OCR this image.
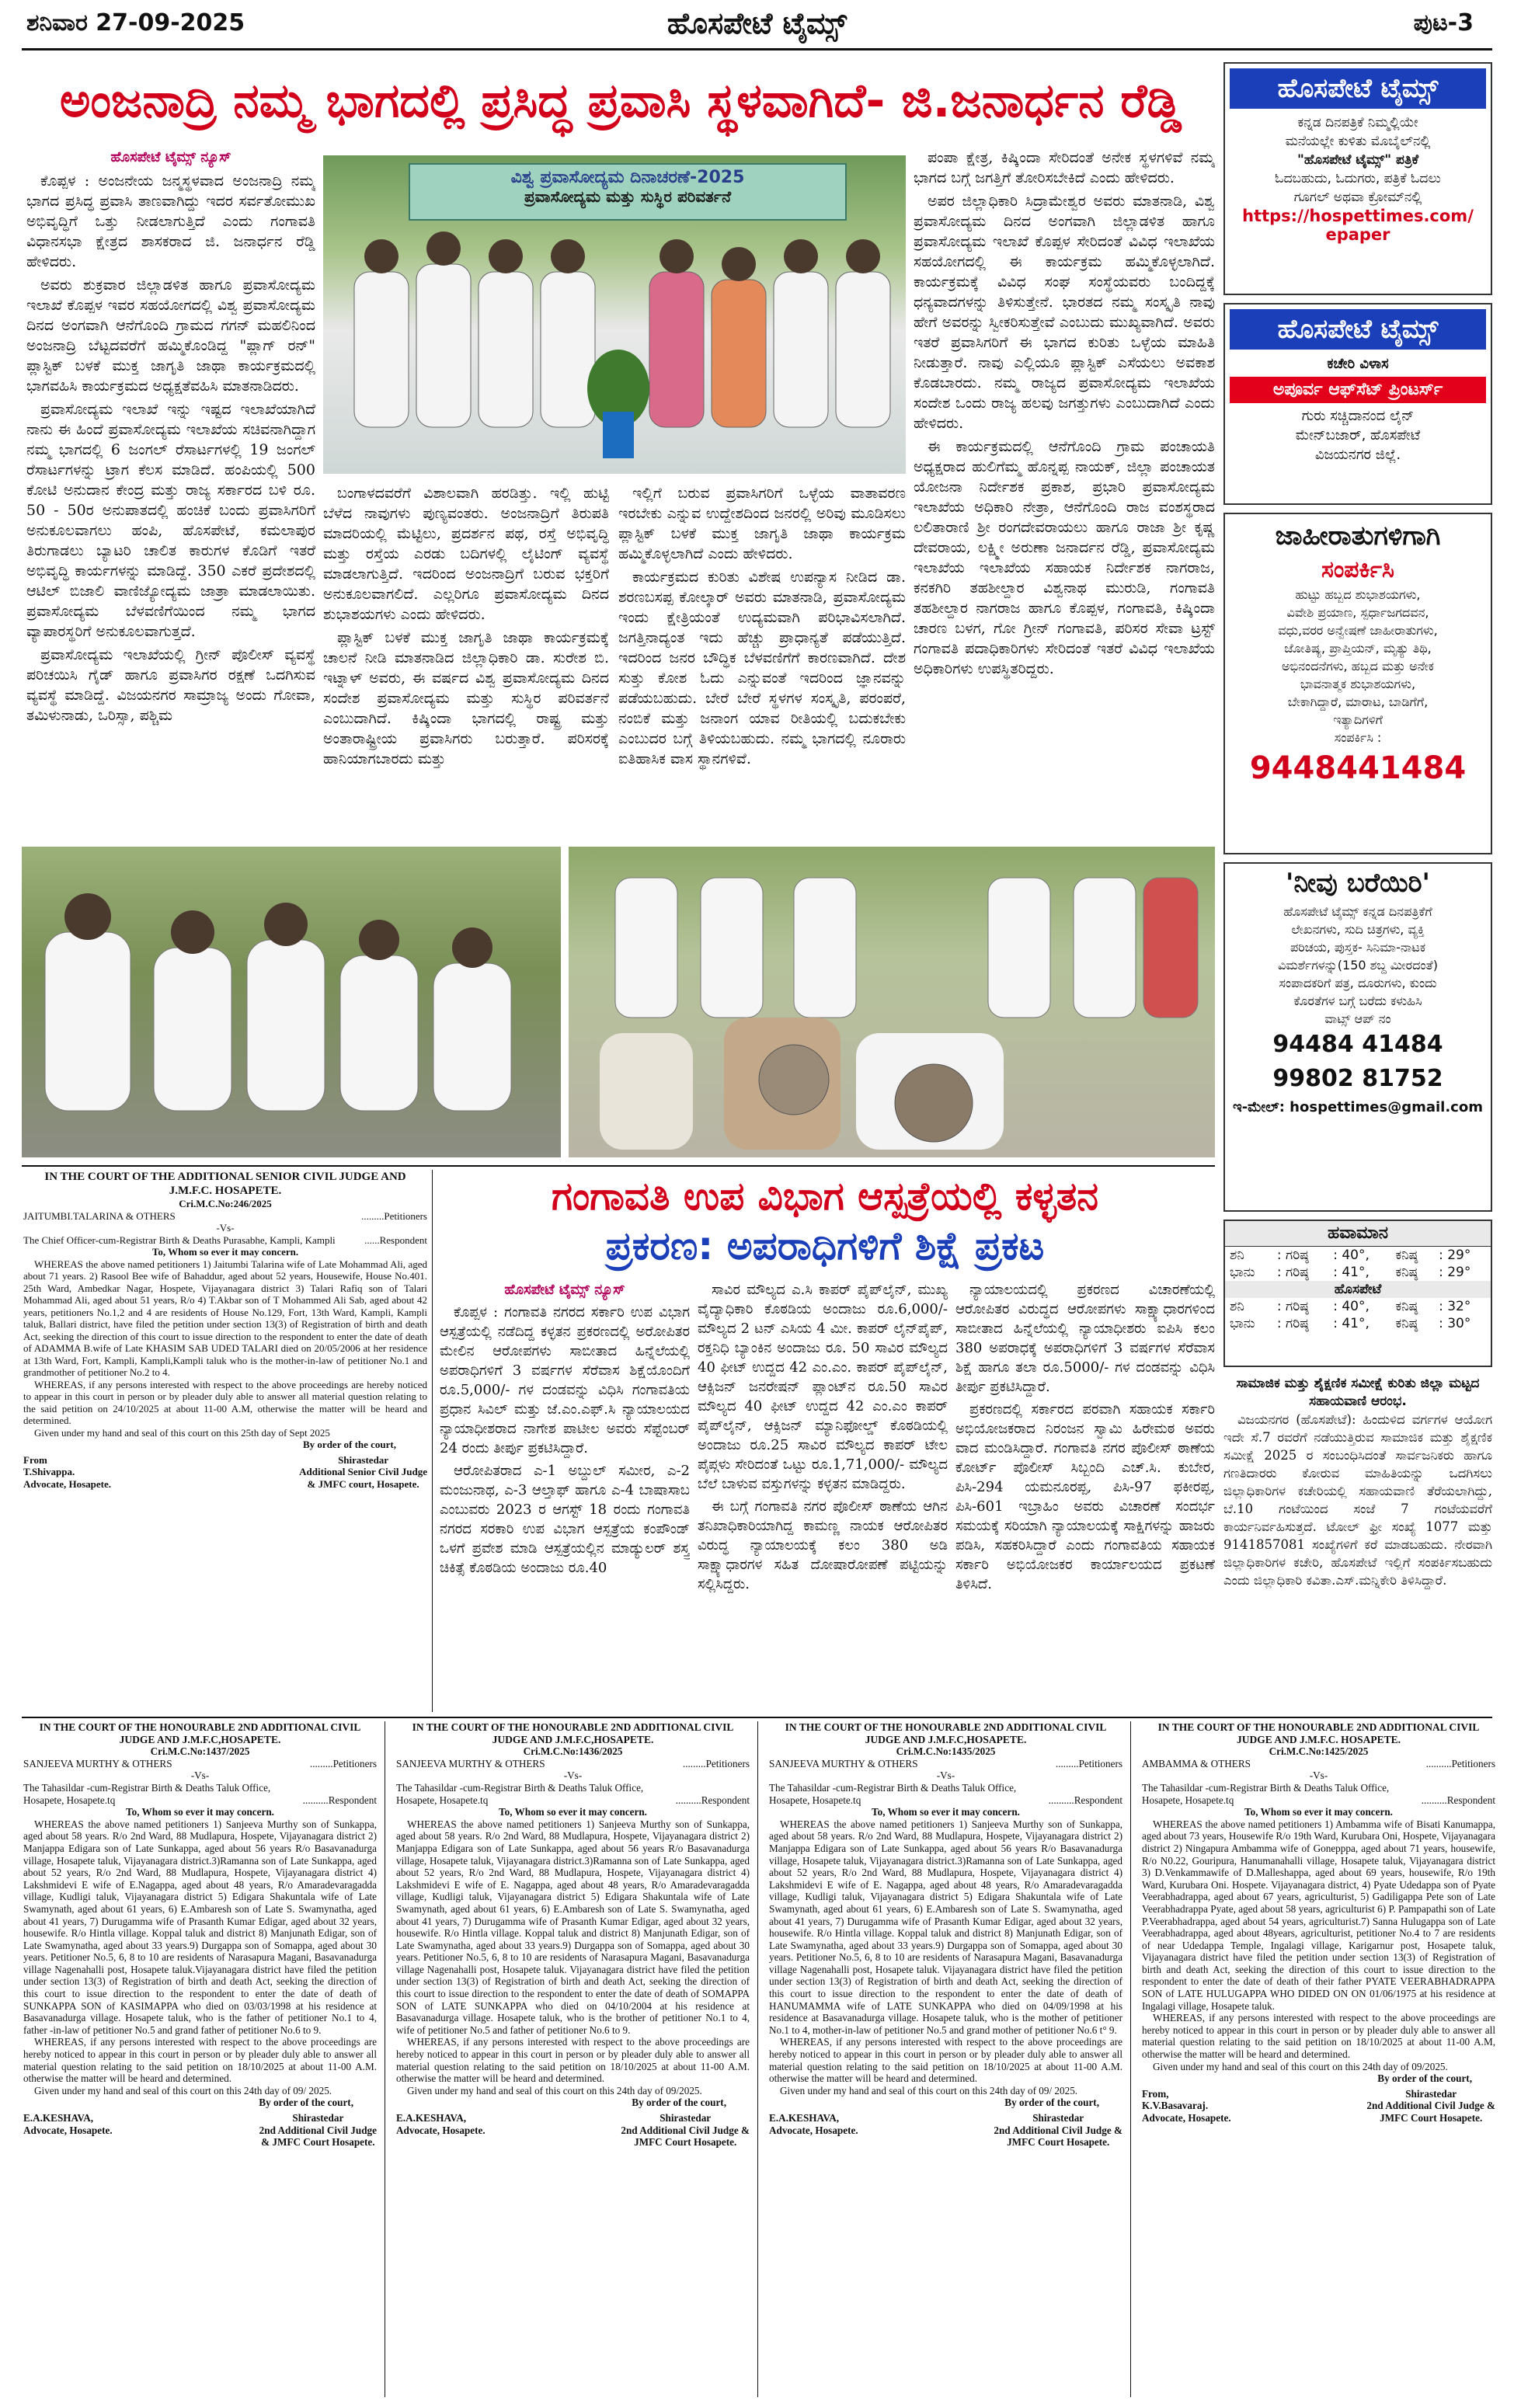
ಶನಿವಾರ 27-09-2025	ಹೊಸಪೇಟೆ ಟೈಮ್ಸ್	ಪುಟ-3
ಅಂಜನಾದ್ರಿ ನಮ್ಮ ಭಾಗದಲ್ಲಿ ಪ್ರಸಿದ್ಧ ಪ್ರವಾಸಿ ಸ್ಥಳವಾಗಿದೆ- ಜಿ.ಜನಾರ್ಧನ ರೆಡ್ಡಿ
ಹೊಸಪೇಟೆ ಟೈಮ್ಸ್ ನ್ಯೂಸ್

ಕೊಪ್ಪಳ : ಅಂಜನೇಯ ಜನ್ಮಸ್ಥಳವಾದ ಅಂಜನಾದ್ರಿ ನಮ್ಮ ಭಾಗದ ಪ್ರಸಿದ್ಧ ಪ್ರವಾಸಿ ತಾಣವಾಗಿದ್ದು ಇದರ ಸರ್ವತೋಮುಖ ಅಭಿವೃದ್ಧಿಗೆ ಒತ್ತು ನೀಡಲಾಗುತ್ತಿದೆ ಎಂದು ಗಂಗಾವತಿ ವಿಧಾನಸಭಾ ಕ್ಷೇತ್ರದ ಶಾಸಕರಾದ ಜಿ. ಜನಾರ್ಧನ ರೆಡ್ಡಿ ಹೇಳಿದರು.

ಅವರು ಶುಕ್ರವಾರ ಜಿಲ್ಲಾಡಳಿತ ಹಾಗೂ ಪ್ರವಾಸೋದ್ಯಮ ಇಲಾಖೆ ಕೊಪ್ಪಳ ಇವರ ಸಹಯೋಗದಲ್ಲಿ ವಿಶ್ವ ಪ್ರವಾಸೋದ್ಯಮ ದಿನದ ಅಂಗವಾಗಿ ಆನೆಗೊಂದಿ ಗ್ರಾಮದ ಗಗನ್ ಮಹಲಿನಿಂದ ಅಂಜನಾದ್ರಿ ಬೆಟ್ಟದವರೆಗೆ ಹಮ್ಮಿಕೊಂಡಿದ್ದ "ಪ್ಲಾಗ್ ರನ್" ಪ್ಲಾಸ್ಟಿಕ್ ಬಳಕೆ ಮುಕ್ತ ಜಾಗೃತಿ ಜಾಥಾ ಕಾರ್ಯಕ್ರಮದಲ್ಲಿ ಭಾಗವಹಿಸಿ ಕಾರ್ಯಕ್ರಮದ ಅಧ್ಯಕ್ಷತೆವಹಿಸಿ ಮಾತನಾಡಿದರು.

ಪ್ರವಾಸೋದ್ಯಮ ಇಲಾಖೆ ಇನ್ನು ಇಷ್ಟದ ಇಲಾಖೆಯಾಗಿದೆ ನಾನು ಈ ಹಿಂದೆ ಪ್ರವಾಸೋದ್ಯಮ ಇಲಾಖೆಯ ಸಚಿವನಾಗಿದ್ದಾಗ ನಮ್ಮ ಭಾಗದಲ್ಲಿ 6 ಜಂಗಲ್ ರೆಸಾರ್ಟಗಳಲ್ಲಿ 19 ಜಂಗಲ್ ರೆಸಾರ್ಟಗಳನ್ನು ಟ್ರಾಗ ಕೆಲಸ ಮಾಡಿದೆ. ಹಂಪಿಯಲ್ಲಿ 500 ಕೋಟಿ ಅನುದಾನ ಕೇಂದ್ರ ಮತ್ತು ರಾಜ್ಯ ಸರ್ಕಾರದ ಬಳಿ ರೂ. 50 - 50ರ ಅನುಪಾತದಲ್ಲಿ ಹಂಚಿಕೆ ಬಂದು ಪ್ರವಾಸಿಗರಿಗೆ ಅನುಕೂಲವಾಗಲು ಹಂಪಿ, ಹೊಸಪೇಟೆ, ಕಮಲಾಪುರ ತಿರುಗಾಡಲು ಬ್ಯಾಟರಿ ಚಾಲಿತ ಕಾರುಗಳ ಕೊಡಿಗೆ ಇತರೆ ಅಭಿವೃದ್ಧಿ ಕಾರ್ಯಗಳನ್ನು ಮಾಡಿದ್ದೆ. 350 ಎಕರೆ ಪ್ರದೇಶದಲ್ಲಿ ಆಟಿಲ್ ಬಿಜಾಲಿ ವಾಣಿಜ್ಯೋದ್ಯಮ ಜಾತ್ರಾ ಮಾಡಲಾಯಿತು. ಪ್ರವಾಸೋದ್ಯಮ ಬೆಳವಣಿಗೆಯಿಂದ ನಮ್ಮ ಭಾಗದ ವ್ಯಾಪಾರಸ್ಥರಿಗೆ ಅನುಕೂಲವಾಗುತ್ತದೆ.

ಪ್ರವಾಸೋದ್ಯಮ ಇಲಾಖೆಯಲ್ಲಿ ಗ್ರೀನ್ ಪೊಲೀಸ್ ವ್ಯವಸ್ಥೆ ಪರಿಚಯಿಸಿ ಗೈಡ್ ಹಾಗೂ ಪ್ರವಾಸಿಗರ ರಕ್ಷಣೆ ಒದಗಿಸುವ ವ್ಯವಸ್ಥೆ ಮಾಡಿದ್ದೆ. ವಿಜಯನಗರ ಸಾಮ್ರಾಜ್ಯ ಅಂದು ಗೋವಾ, ತಮಿಳುನಾಡು, ಒರಿಸ್ಸಾ, ಪಶ್ಚಿಮ

ವಿಶ್ವ ಪ್ರವಾಸೋದ್ಯಮ ದಿನಾಚರಣೆ-2025
ಪ್ರವಾಸೋದ್ಯಮ ಮತ್ತು ಸುಸ್ಥಿರ ಪರಿವರ್ತನೆ

ಬಂಗಾಳದವರೆಗೆ ವಿಶಾಲವಾಗಿ ಹರಡಿತ್ತು. ಇಲ್ಲಿ ಹುಟ್ಟಿ ಬೆಳೆದ ನಾವುಗಳು ಪುಣ್ಯವಂತರು. ಅಂಜನಾದ್ರಿಗೆ ತಿರುಪತಿ ಮಾದರಿಯಲ್ಲಿ ಮೆಟ್ಟಿಲು, ಪ್ರದರ್ಶನ ಪಥ, ರಸ್ತೆ ಅಭಿವೃದ್ಧಿ ಮತ್ತು ರಸ್ತೆಯ ಎರಡು ಬದಿಗಳಲ್ಲಿ ಲೈಟಿಂಗ್ ವ್ಯವಸ್ಥೆ ಮಾಡಲಾಗುತ್ತಿದೆ. ಇದರಿಂದ ಅಂಜನಾದ್ರಿಗೆ ಬರುವ ಭಕ್ತರಿಗೆ ಅನುಕೂಲವಾಗಲಿದೆ. ಎಲ್ಲರಿಗೂ ಪ್ರವಾಸೋದ್ಯಮ ದಿನದ ಶುಭಾಶಯಗಳು ಎಂದು ಹೇಳಿದರು.

ಪ್ಲಾಸ್ಟಿಕ್ ಬಳಕೆ ಮುಕ್ತ ಜಾಗೃತಿ ಜಾಥಾ ಕಾರ್ಯಕ್ರಮಕ್ಕೆ ಚಾಲನೆ ನೀಡಿ ಮಾತನಾಡಿದ ಜಿಲ್ಲಾಧಿಕಾರಿ ಡಾ. ಸುರೇಶ ಬಿ. ಇಟ್ನಾಳ್ ಅವರು, ಈ ವರ್ಷದ ವಿಶ್ವ ಪ್ರವಾಸೋದ್ಯಮ ದಿನದ ಸಂದೇಶ ಪ್ರವಾಸೋದ್ಯಮ ಮತ್ತು ಸುಸ್ಥಿರ ಪರಿವರ್ತನೆ ಎಂಬುದಾಗಿದೆ. ಕಿಷ್ಕಿಂದಾ ಭಾಗದಲ್ಲಿ ರಾಷ್ಟ್ರ ಮತ್ತು ಅಂತಾರಾಷ್ಟ್ರೀಯ ಪ್ರವಾಸಿಗರು ಬರುತ್ತಾರೆ. ಪರಿಸರಕ್ಕೆ ಹಾನಿಯಾಗಬಾರದು ಮತ್ತು

ಇಲ್ಲಿಗೆ ಬರುವ ಪ್ರವಾಸಿಗರಿಗೆ ಒಳ್ಳೆಯ ವಾತಾವರಣ ಇರಬೇಕು ಎನ್ನುವ ಉದ್ದೇಶದಿಂದ ಜನರಲ್ಲಿ ಅರಿವು ಮೂಡಿಸಲು ಪ್ಲಾಸ್ಟಿಕ್ ಬಳಕೆ ಮುಕ್ತ ಜಾಗೃತಿ ಜಾಥಾ ಕಾರ್ಯಕ್ರಮ ಹಮ್ಮಿಕೊಳ್ಳಲಾಗಿದೆ ಎಂದು ಹೇಳಿದರು.

ಕಾರ್ಯಕ್ರಮದ ಕುರಿತು ವಿಶೇಷ ಉಪನ್ಯಾಸ ನೀಡಿದ ಡಾ. ಶರಣಬಸಪ್ಪ ಕೋಲ್ಕಾರ್ ಅವರು ಮಾತನಾಡಿ, ಪ್ರವಾಸೋದ್ಯಮ ಇಂದು ಕ್ಷೇತ್ರಿಯಂತೆ ಉದ್ಯಮವಾಗಿ ಪರಿಭಾವಿಸಲಾಗಿದೆ. ಜಗತ್ತಿನಾದ್ಯಂತ ಇದು ಹೆಚ್ಚು ಪ್ರಾಧಾನ್ಯತೆ ಪಡೆಯುತ್ತಿದೆ. ಇದರಿಂದ ಜನರ ಬೌದ್ಧಿಕ ಬೆಳವಣಿಗೆಗೆ ಕಾರಣವಾಗಿದೆ. ದೇಶ ಸುತ್ತು ಕೋಶ ಓದು ಎನ್ನುವಂತೆ ಇದರಿಂದ ಜ್ಞಾನವನ್ನು ಪಡೆಯಬಹುದು. ಬೇರೆ ಬೇರೆ ಸ್ಥಳಗಳ ಸಂಸ್ಕೃತಿ, ಪರಂಪರೆ, ನಂಬಿಕೆ ಮತ್ತು ಜನಾಂಗ ಯಾವ ರೀತಿಯಲ್ಲಿ ಬದುಕಬೇಕು ಎಂಬುದರ ಬಗ್ಗೆ ತಿಳಿಯಬಹುದು. ನಮ್ಮ ಭಾಗದಲ್ಲಿ ನೂರಾರು ಐತಿಹಾಸಿಕ ವಾಸ ಸ್ಥಾನಗಳಿವೆ.

ಪಂಪಾ ಕ್ಷೇತ್ರ, ಕಿಷ್ಕಿಂದಾ ಸೇರಿದಂತೆ ಅನೇಕ ಸ್ಥಳಗಳಿವೆ ನಮ್ಮ ಭಾಗದ ಬಗ್ಗೆ ಜಗತ್ತಿಗೆ ತೋರಿಸಬೇಕಿದೆ ಎಂದು ಹೇಳಿದರು.

ಅಪರ ಜಿಲ್ಲಾಧಿಕಾರಿ ಸಿದ್ರಾಮೇಶ್ವರ ಅವರು ಮಾತನಾಡಿ, ವಿಶ್ವ ಪ್ರವಾಸೋದ್ಯಮ ದಿನದ ಅಂಗವಾಗಿ ಜಿಲ್ಲಾಡಳಿತ ಹಾಗೂ ಪ್ರವಾಸೋದ್ಯಮ ಇಲಾಖೆ ಕೊಪ್ಪಳ ಸೇರಿದಂತೆ ವಿವಿಧ ಇಲಾಖೆಯ ಸಹಯೋಗದಲ್ಲಿ ಈ ಕಾರ್ಯಕ್ರಮ ಹಮ್ಮಿಕೊಳ್ಳಲಾಗಿದೆ. ಕಾರ್ಯಕ್ರಮಕ್ಕೆ ವಿವಿಧ ಸಂಘ ಸಂಸ್ಥೆಯವರು ಬಂದಿದ್ದಕ್ಕೆ ಧನ್ಯವಾದಗಳನ್ನು ತಿಳಿಸುತ್ತೇನೆ. ಭಾರತದ ನಮ್ಮ ಸಂಸ್ಕೃತಿ ನಾವು ಹೇಗೆ ಅವರನ್ನು ಸ್ವೀಕರಿಸುತ್ತೇವೆ ಎಂಬುದು ಮುಖ್ಯವಾಗಿದೆ. ಅವರು ಇತರೆ ಪ್ರವಾಸಿಗರಿಗೆ ಈ ಭಾಗದ ಕುರಿತು ಒಳ್ಳೆಯ ಮಾಹಿತಿ ನೀಡುತ್ತಾರೆ. ನಾವು ಎಲ್ಲಿಯೂ ಪ್ಲಾಸ್ಟಿಕ್ ಎಸೆಯಲು ಅವಕಾಶ ಕೊಡಬಾರದು. ನಮ್ಮ ರಾಜ್ಯದ ಪ್ರವಾಸೋದ್ಯಮ ಇಲಾಖೆಯ ಸಂದೇಶ ಒಂದು ರಾಜ್ಯ ಹಲವು ಜಗತ್ತುಗಳು ಎಂಬುದಾಗಿದೆ ಎಂದು ಹೇಳಿದರು.

ಈ ಕಾರ್ಯಕ್ರಮದಲ್ಲಿ ಆನೆಗೊಂದಿ ಗ್ರಾಮ ಪಂಚಾಯತಿ ಅಧ್ಯಕ್ಷರಾದ ಹುಲಿಗೆಮ್ಮ ಹೊನ್ನಪ್ಪ ನಾಯಕ್, ಜಿಲ್ಲಾ ಪಂಚಾಯತ ಯೋಜನಾ ನಿರ್ದೇಶಕ ಪ್ರಕಾಶ, ಪ್ರಭಾರಿ ಪ್ರವಾಸೋದ್ಯಮ ಇಲಾಖೆಯ ಅಧಿಕಾರಿ ನೇತ್ರಾ, ಆನೆಗೊಂದಿ ರಾಜ ವಂಶಸ್ಥರಾದ ಲಲಿತಾರಾಣಿ ಶ್ರೀ ರಂಗದೇವರಾಯಲು ಹಾಗೂ ರಾಜಾ ಶ್ರೀ ಕೃಷ್ಣ ದೇವರಾಯ, ಲಕ್ಷ್ಮೀ ಅರುಣಾ ಜನಾರ್ದನ ರೆಡ್ಡಿ, ಪ್ರವಾಸೋದ್ಯಮ ಇಲಾಖೆಯ ಇಲಾಖೆಯ ಸಹಾಯಕ ನಿರ್ದೇಶಕ ನಾಗರಾಜ, ಕನಕಗಿರಿ ತಹಶೀಲ್ದಾರ ವಿಶ್ವನಾಥ ಮುರುಡಿ, ಗಂಗಾವತಿ ತಹಶೀಲ್ದಾರ ನಾಗರಾಜ ಹಾಗೂ ಕೊಪ್ಪಳ, ಗಂಗಾವತಿ, ಕಿಷ್ಕಿಂದಾ ಚಾರಣ ಬಳಗ, ಗೋ ಗ್ರೀನ್ ಗಂಗಾವತಿ, ಪರಿಸರ ಸೇವಾ ಟ್ರಸ್ಟ್ ಗಂಗಾವತಿ ಪದಾಧಿಕಾರಿಗಳು ಸೇರಿದಂತೆ ಇತರೆ ವಿವಿಧ ಇಲಾಖೆಯ ಅಧಿಕಾರಿಗಳು ಉಪಸ್ಥಿತರಿದ್ದರು.

IN THE COURT OF THE ADDITIONAL SENIOR CIVIL JUDGE AND J.M.F.C. HOSAPETE.
Cri.M.C.No:246/2025
JAITUMBI.TALARINA & OTHERS	.........Petitioners
-Vs-
The Chief Officer-cum-Registrar Birth & Deaths Purasabhe, Kampli, Kampli	......Respondent
To, Whom so ever it may concern.
WHEREAS the above named petitioners 1) Jaitumbi Talarina wife of Late Mohammad Ali, aged about 71 years. 2) Rasool Bee wife of Bahaddur, aged about 52 years, Housewife, House No.401. 25th Ward, Ambedkar Nagar, Hospete, Vijayanagara district 3) Talari Rafiq son of Talari Mohammad Ali, aged about 51 years, R/o 4) T.Akbar son of T Mohammed Ali Sab, aged about 42 years, petitioners No.1,2 and 4 are residents of House No.129, Fort, 13th Ward, Kampli, Kampli taluk, Ballari district, have filed the petition under section 13(3) of Registration of birth and death Act, seeking the direction of this court to issue direction to the respondent to enter the date of death of ADAMMA B.wife of Late KHASIM SAB UDED TALARI died on 20/05/2006 at her residence at 13th Ward, Fort, Kampli, Kampli,Kampli taluk who is the mother-in-law of petitioner No.1 and grandmother of petitioner No.2 to 4.
WHEREAS, if any persons interested with respect to the above proceedings are hereby noticed to appear in this court in person or by pleader duly able to answer all material question relating to the said petition on 24/10/2025 at about 11-00 A.M, otherwise the matter will be heard and determined.
Given under my hand and seal of this court on this 25th day of Sept 2025
By order of the court,
From
T.Shivappa.
Advocate, Hosapete.
Shirastedar
Additional Senior Civil Judge
& JMFC court, Hosapete.
ಗಂಗಾವತಿ ಉಪ ವಿಭಾಗ ಆಸ್ಪತ್ರೆಯಲ್ಲಿ ಕಳ್ಳತನ
ಪ್ರಕರಣ: ಅಪರಾಧಿಗಳಿಗೆ ಶಿಕ್ಷೆ ಪ್ರಕಟ
ಹೊಸಪೇಟೆ ಟೈಮ್ಸ್ ನ್ಯೂಸ್

ಕೊಪ್ಪಳ : ಗಂಗಾವತಿ ನಗರದ ಸರ್ಕಾರಿ ಉಪ ವಿಭಾಗ ಆಸ್ಪತ್ರೆಯಲ್ಲಿ ನಡೆದಿದ್ದ ಕಳ್ಳತನ ಪ್ರಕರಣದಲ್ಲಿ ಅರೋಪಿತರ ಮೇಲಿನ ಆರೋಪಗಳು ಸಾಬೀತಾದ ಹಿನ್ನೆಲೆಯಲ್ಲಿ ಅಪರಾಧಿಗಳಿಗೆ 3 ವರ್ಷಗಳ ಸೆರೆವಾಸ ಶಿಕ್ಷೆಯೊಂದಿಗೆ ರೂ.5,000/- ಗಳ ದಂಡವನ್ನು ವಿಧಿಸಿ ಗಂಗಾವತಿಯ ಪ್ರಧಾನ ಸಿವಿಲ್ ಮತ್ತು ಜೆ.ಎಂ.ಎಫ್.ಸಿ ನ್ಯಾಯಾಲಯದ ನ್ಯಾಯಾಧೀಶರಾದ ನಾಗೇಶ ಪಾಟೀಲ ಅವರು ಸೆಪ್ಟೆಂಬರ್ 24 ರಂದು ತೀರ್ಪು ಪ್ರಕಟಿಸಿದ್ದಾರೆ.

ಆರೋಪಿತರಾದ ಎ-1 ಅಬ್ದುಲ್ ಸಮೀರ, ಎ-2 ಮಂಜುನಾಥ, ಎ-3 ಆಲ್ತಾಫ್ ಹಾಗೂ ಎ-4 ಬಾಷಾಸಾಬ ಎಂಬುವರು 2023 ರ ಆಗಸ್ಟ್ 18 ರಂದು ಗಂಗಾವತಿ ನಗರದ ಸರಕಾರಿ ಉಪ ವಿಭಾಗ ಆಸ್ಪತ್ರೆಯ ಕಂಪೌಂಡ್ ಒಳಗೆ ಪ್ರವೇಶ ಮಾಡಿ ಆಸ್ಪತ್ರೆಯಲ್ಲಿನ ಮಾಡ್ಯುಲರ್ ಶಸ್ತ್ರ ಚಿಕಿತ್ಸೆ ಕೊಠಡಿಯ ಅಂದಾಜು ರೂ.40

ಸಾವಿರ ಮೌಲ್ಯದ ಎ.ಸಿ ಕಾಪರ್ ಪೈಪ್‌ಲೈನ್, ಮುಖ್ಯ ವೈದ್ಯಾಧಿಕಾರಿ ಕೊಠಡಿಯ ಅಂದಾಜು ರೂ.6,000/- ಮೌಲ್ಯದ 2 ಟನ್ ಎಸಿಯ 4 ಮೀ. ಕಾಪರ್ ಲೈನ್‌ಪೈಪ್, ರಕ್ತನಿಧಿ ಬ್ಯಾಂಕಿನ ಅಂದಾಜು ರೂ. 50 ಸಾವಿರ ಮೌಲ್ಯದ 40 ಫೀಟ್ ಉದ್ದದ 42 ಎಂ.ಎಂ. ಕಾಪರ್ ಪೈಪ್‌ಲೈನ್, ಆಕ್ಸಿಜನ್ ಜನರೇಷನ್ ಪ್ಲಾಂಟ್‌ನ ರೂ.50 ಸಾವಿರ ಮೌಲ್ಯದ 40 ಫೀಟ್ ಉದ್ದದ 42 ಎಂ.ಎಂ ಕಾಪರ್ ಪೈಪ್‌ಲೈನ್, ಆಕ್ಸಿಜನ್ ಮ್ಯಾನಿಫೋಲ್ಡ್ ಕೊಠಡಿಯಲ್ಲಿ ಅಂದಾಜು ರೂ.25 ಸಾವಿರ ಮೌಲ್ಯದ ಕಾಪರ್ ಟೇಲ ಪೈಪ್ಗಳು ಸೇರಿದಂತೆ ಒಟ್ಟು ರೂ.1,71,000/- ಮೌಲ್ಯದ ಬೆಲೆ ಬಾಳುವ ವಸ್ತುಗಳನ್ನು ಕಳ್ಳತನ ಮಾಡಿದ್ದರು.

ಈ ಬಗ್ಗೆ ಗಂಗಾವತಿ ನಗರ ಪೊಲೀಸ್ ಠಾಣೆಯ ಆಗಿನ ತನಿಖಾಧಿಕಾರಿಯಾಗಿದ್ದ ಕಾಮಣ್ಣ ನಾಯಕ ಆರೋಪಿತರ ವಿರುದ್ಧ ನ್ಯಾಯಾಲಯಕ್ಕೆ ಕಲಂ 380 ಅಡಿ ಸಾಕ್ಷ್ಯಾಧಾರಗಳ ಸಹಿತ ದೋಷಾರೋಪಣೆ ಪಟ್ಟಿಯನ್ನು ಸಲ್ಲಿಸಿದ್ದರು.

ನ್ಯಾಯಾಲಯದಲ್ಲಿ ಪ್ರಕರಣದ ವಿಚಾರಣೆಯಲ್ಲಿ ಆರೋಪಿತರ ವಿರುದ್ಧದ ಆರೋಪಗಳು ಸಾಕ್ಷ್ಯಾಧಾರಗಳಿಂದ ಸಾಬೀತಾದ ಹಿನ್ನೆಲೆಯಲ್ಲಿ ನ್ಯಾಯಾಧೀಶರು ಐಪಿಸಿ ಕಲಂ 380 ಅಪರಾಧಕ್ಕೆ ಅಪರಾಧಿಗಳಿಗೆ 3 ವರ್ಷಗಳ ಸೆರೆವಾಸ ಶಿಕ್ಷೆ ಹಾಗೂ ತಲಾ ರೂ.5000/- ಗಳ ದಂಡವನ್ನು ವಿಧಿಸಿ ತೀರ್ಪು ಪ್ರಕಟಿಸಿದ್ದಾರೆ.

ಪ್ರಕರಣದಲ್ಲಿ ಸರ್ಕಾರದ ಪರವಾಗಿ ಸಹಾಯಕ ಸರ್ಕಾರಿ ಅಭಿಯೋಜಕರಾದ ನಿರಂಜನ ಸ್ವಾಮಿ ಹಿರೇಮಠ ಅವರು ವಾದ ಮಂಡಿಸಿದ್ದಾರೆ. ಗಂಗಾವತಿ ನಗರ ಪೊಲೀಸ್ ಠಾಣೆಯ ಕೋರ್ಟ್ ಪೊಲೀಸ್ ಸಿಬ್ಬಂದಿ ಎಚ್.ಸಿ. ಕುಬೇರ, ಪಿಸಿ-294 ಯಮನೂರಪ್ಪ, ಪಿಸಿ-97 ಫಕೀರಪ್ಪ, ಪಿಸಿ-601 ಇಬ್ರಾಹಿಂ ಅವರು ವಿಚಾರಣೆ ಸಂದರ್ಭ ಸಮಯಕ್ಕೆ ಸರಿಯಾಗಿ ನ್ಯಾಯಾಲಯಕ್ಕೆ ಸಾಕ್ಷಿಗಳನ್ನು ಹಾಜರು ಪಡಿಸಿ, ಸಹಕರಿಸಿದ್ದಾರೆ ಎಂದು ಗಂಗಾವತಿಯ ಸಹಾಯಕ ಸರ್ಕಾರಿ ಅಭಿಯೋಜಕರ ಕಾರ್ಯಾಲಯದ ಪ್ರಕಟಣೆ ತಿಳಿಸಿದೆ.

IN THE COURT OF THE HONOURABLE 2ND ADDITIONAL CIVIL JUDGE AND J.M.F.C,HOSAPETE.
Cri.M.C.No:1437/2025
SANJEEVA MURTHY & OTHERS	.........Petitioners
-Vs-
The Tahasildar -cum-Registrar Birth & Deaths Taluk Office, Hosapete, Hosapete.tq	..........Respondent
To, Whom so ever it may concern.
WHEREAS the above named petitioners 1) Sanjeeva Murthy son of Sunkappa, aged about 58 years. R/o 2nd Ward, 88 Mudlapura, Hospete, Vijayanagara district 2) Manjappa Edigara son of Late Sunkappa, aged about 56 years R/o Basavanadurga village, Hosapete taluk, Vijayanagara district.3)Ramanna son of Late Sunkappa, aged about 52 years, R/o 2nd Ward, 88 Mudlapura, Hospete, Vijayanagara district 4) Lakshmidevi E wife of E.Nagappa, aged about 48 years, R/o Amaradevaragadda village, Kudligi taluk, Vijayanagara district 5) Edigara Shakuntala wife of Late Swamynath, aged about 61 years, 6) E.Ambaresh son of Late S. Swamynatha, aged about 41 years, 7) Durugamma wife of Prasanth Kumar Edigar, aged about 32 years, housewife. R/o Hintla village. Koppal taluk and district 8) Manjunath Edigar, son of Late Swamynatha, aged about 33 years.9) Durgappa son of Somappa, aged about 30 years. Petitioner No.5, 6, 8 to 10 are residents of Narasapura Magani, Basavanadurga village Nagenahalli post, Hosapete taluk.Vijayanagara district have filed the petition under section 13(3) of Registration of birth and death Act, seeking the direction of this court to issue direction to the respondent to enter the date of death of SUNKAPPA SON of KASIMAPPA who died on 03/03/1998 at his residence at Basavanadurga village. Hosapete taluk, who is the father of petitioner No.1 to 4, father -in-law of petitioner No.5 and grand father of petitioner No.6 to 9.
WHEREAS, if any persons interested with respect to the above proceedings are hereby noticed to appear in this court in person or by pleader duly able to answer all material question relating to the said petition on 18/10/2025 at about 11-00 A.M. otherwise the matter will be heard and determined.
Given under my hand and seal of this court on this 24th day of 09/ 2025.
By order of the court,
E.A.KESHAVA,
Advocate, Hosapete.
Shirastedar
2nd Additional Civil Judge
& JMFC Court Hosapete.
IN THE COURT OF THE HONOURABLE 2ND ADDITIONAL CIVIL JUDGE AND J.M.F.C,HOSAPETE.
Cri.M.C.No:1436/2025
SANJEEVA MURTHY & OTHERS	.........Petitioners
-Vs-
The Tahasildar -cum-Registrar Birth & Deaths Taluk Office, Hosapete, Hosapete.tq	..........Respondent
To, Whom so ever it may concern.
WHEREAS the above named petitioners 1) Sanjeeva Murthy son of Sunkappa, aged about 58 years. R/o 2nd Ward, 88 Mudlapura, Hospete, Vijayanagara district 2) Manjappa Edigara son of Late Sunkappa, aged about 56 years R/o Basavanadurga village, Hosapete taluk, Vijayanagara district.3)Ramanna son of Late Sunkappa, aged about 52 years, R/o 2nd Ward, 88 Mudlapura, Hospete, Vijayanagara district 4) Lakshmidevi E wife of E. Nagappa, aged about 48 years, R/o Amaradevaragadda village, Kudligi taluk, Vijayanagara district 5) Edigara Shakuntala wife of Late Swamynath, aged about 61 years, 6) E.Ambaresh son of Late S. Swamynatha, aged about 41 years, 7) Durugamma wife of Prasanth Kumar Edigar, aged about 32 years, housewife. R/o Hintla village. Koppal taluk and district 8) Manjunath Edigar, son of Late Swamynatha, aged about 33 years.9) Durgappa son of Somappa, aged about 30 years. Petitioner No.5, 6, 8 to 10 are residents of Narasapura Magani, Basavanadurga village Nagenahalli post, Hosapete taluk. Vijayanagara district have filed the petition under section 13(3) of Registration of birth and death Act, seeking the direction of this court to issue direction to the respondent to enter the date of death of SOMAPPA SON of LATE SUNKAPPA who died on 04/10/2004 at his residence at Basavanadurga village. Hosapete taluk, who is the brother of petitioner No.1 to 4, wife of petitioner No.5 and father of petitioner No.6 to 9.
WHEREAS, if any persons interested with respect to the above proceedings are hereby noticed to appear in this court in person or by pleader duly able to answer all material question relating to the said petition on 18/10/2025 at about 11-00 A.M. otherwise the matter will be heard and determined.
Given under my hand and seal of this court on this 24th day of 09/2025.
By order of the court,
E.A.KESHAVA,
Advocate, Hosapete.
Shirastedar
2nd Additional Civil Judge &
JMFC Court Hosapete.
IN THE COURT OF THE HONOURABLE 2ND ADDITIONAL CIVIL JUDGE AND J.M.F.C,HOSAPETE.
Cri.M.C.No:1435/2025
SANJEEVA MURTHY & OTHERS	.........Petitioners
-Vs-
The Tahasildar -cum-Registrar Birth & Deaths Taluk Office, Hosapete, Hosapete.tq	..........Respondent
To, Whom so ever it may concern.
WHEREAS the above named petitioners 1) Sanjeeva Murthy son of Sunkappa, aged about 58 years. R/o 2nd Ward, 88 Mudlapura, Hospete, Vijayanagara district 2) Manjappa Edigara son of Late Sunkappa, aged about 56 years R/o Basavanadurga village, Hosapete taluk, Vijayanagara district.3)Ramanna son of Late Sunkappa, aged about 52 years, R/o 2nd Ward, 88 Mudlapura, Hospete, Vijayanagara district 4) Lakshmidevi E wife of E. Nagappa, aged about 48 years, R/o Amaradevaragadda village, Kudligi taluk, Vijayanagara district 5) Edigara Shakuntala wife of Late Swamynath, aged about 61 years, 6) E.Ambaresh son of Late S. Swamynatha, aged about 41 years, 7) Durugamma wife of Prasanth Kumar Edigar, aged about 32 years, housewife. R/o Hintla village. Koppal taluk and district 8) Manjunath Edigar, son of Late Swamynatha, aged about 33 years.9) Durgappa son of Somappa, aged about 30 years. Petitioner No.5, 6, 8 to 10 are residents of Narasapura Magani, Basavanadurga village Nagenahalli post, Hosapete taluk. Vijayanagara district have filed the petition under section 13(3) of Registration of birth and death Act, seeking the direction of this court to issue direction to the respondent to enter the date of death of HANUMAMMA wife of LATE SUNKAPPA who died on 04/09/1998 at his residence at Basavanadurga village. Hosapete taluk, who is the mother of petitioner No.1 to 4, mother-in-law of petitioner No.5 and grand mother of petitioner No.6 t° 9.
WHEREAS, if any persons interested with respect to the above proceedings are hereby noticed to appear in this court in person or by pleader duly able to answer all material question relating to the said petition on 18/10/2025 at about 11-00 A.M. otherwise the matter will be heard and determined.
Given under my hand and seal of this court on this 24th day of 09/ 2025.
By order of the court,
E.A.KESHAVA,
Advocate, Hosapete.
Shirastedar
2nd Additional Civil Judge &
JMFC Court Hosapete.
IN THE COURT OF THE HONOURABLE 2ND ADDITIONAL CIVIL JUDGE AND J.M.F.C. HOSAPETE.
Cri.M.C.No:1425/2025
AMBAMMA & OTHERS	..........Petitioners
-Vs-
The Tahasildar -cum-Registrar Birth & Deaths Taluk Office, Hosapete, Hosapete.tq	..........Respondent
To, Whom so ever it may concern.
WHEREAS the above named petitioners 1) Ambamma wife of Bisati Kanumappa, aged about 73 years, Housewife R/o 19th Ward, Kurubara Oni, Hospete, Vijayanagara district 2) Ningapura Ambamma wife of Gonepppa, aged about 71 years, housewife, R/o N0.22, Gouripura, Hanumanahalli village, Hosapete taluk, Vijayanagara district 3) D.Venkammawife of D.Malleshappa, aged about 69 years, housewife, R/o 19th Ward, Kurubara Oni. Hospete. Vijayanagara district, 4) Pyate Udedappa son of Pyate Veerabhadrappa, aged about 67 years, agriculturist, 5) Gadiligappa Pete son of Late Veerabhadrappa Pyate, aged about 58 years, agriculturist 6) P. Pampapathi son of Late P.Veerabhadrappa, aged about 54 years, agriculturist.7) Sanna Hulugappa son of Late Veerabhadrappa, aged about 48years, agriculturist, petitioner No.4 to 7 are residents of near Udedappa Temple, Ingalagi village, Karigarnur post, Hosapete taluk, Vijayanagara district have filed the petition under section 13(3) of Registration of birth and death Act, seeking the direction of this court to issue direction to the respondent to enter the date of death of their father PYATE VEERABHADRAPPA SON of LATE HULUGAPPA WHO DIDED ON ON 01/06/1975 at his residence at Ingalagi village, Hosapete taluk.
WHEREAS, if any persons interested with respect to the above proceedings are hereby noticed to appear in this court in person or by pleader duly able to answer all material question relating to the said petition on 18/10/2025 at about 11-00 A.M, otherwise the matter will be heard and determined.
Given under my hand and seal of this court on this 24th day of 09/2025.
By order of the court,
From,
K.V.Basavaraj.
Advocate, Hosapete.
Shirastedar
2nd Additional Civil Judge &
JMFC Court Hosapete.
ಹೊಸಪೇಟೆ ಟೈಮ್ಸ್
ಕನ್ನಡ ದಿನಪತ್ರಿಕೆ ನಿಮ್ಮಲ್ಲಿಯೇ
ಮನೆಯಲ್ಲೇ ಕುಳಿತು ಮೊಬೈಲ್‌ನಲ್ಲಿ
"ಹೊಸಪೇಟೆ ಟೈಮ್ಸ್" ಪತ್ರಿಕೆ
ಓದಬಹುದು, ಓದುಗರು, ಪತ್ರಿಕೆ ಓದಲು
ಗೂಗಲ್ ಅಥವಾ ಕ್ರೋಮ್‌ನಲ್ಲಿ
https://hospettimes.com/
epaper
ಹೊಸಪೇಟೆ ಟೈಮ್ಸ್
ಕಚೇರಿ ವಿಳಾಸ
ಅಪೂರ್ವ ಆಫ್‌ಸೆಟ್ ಪ್ರಿಂಟರ್ಸ್
ಗುರು ಸಚ್ಚಿದಾನಂದ ಲೈನ್
ಮೇನ್‌ಬಜಾರ್, ಹೊಸಪೇಟೆ
ವಿಜಯನಗರ ಜಿಲ್ಲೆ.
ಜಾಹೀರಾತುಗಳಿಗಾಗಿ
ಸಂಪರ್ಕಿಸಿ
ಹುಟ್ಟು ಹಬ್ಬದ ಶುಭಾಶಯಗಳು,
ವಿವೇಶಿ ಪ್ರಯಾಣ, ಸ್ಪರ್ಧಾಜಗದವನ,
ವಧು,ವರರ ಅನ್ವೇಷಣೆ ಜಾಹೀರಾತುಗಳು,
ಜೋತಿಷ್ಯ, ಪ್ರಾಪ್ತಿಯನ್, ಮೃತ್ಯು ತಿಥಿ,
ಅಭಿನಂದನೆಗಳು, ಹಬ್ಬದ ಮತ್ತು ಅನೇಕ
ಭಾವನಾತ್ಮಕ ಶುಭಾಶಯಗಳು,
ಬೇಕಾಗಿದ್ದಾರೆ, ಮಾರಾಟ, ಬಾಡಿಗೆಗೆ,
ಇತ್ಯಾದಿಗಳಿಗೆ
ಸಂಪರ್ಕಿಸಿ :
9448441484
'ನೀವು ಬರೆಯಿರಿ'
ಹೊಸಪೇಟೆ ಟೈಮ್ಸ್ ಕನ್ನಡ ದಿನಪತ್ರಿಕೆಗೆ
ಲೇಖನಗಳು, ಸುದಿ ಚಿತ್ರಗಳು, ವ್ಯಕ್ತಿ
ಪರಿಚಯ, ಪುಸ್ತಕ- ಸಿನಿಮಾ-ನಾಟಕ
ವಿಮರ್ಶೆಗಳನ್ನು(150 ಶಬ್ದ ಮೀರದಂತೆ)
ಸಂಪಾದಕರಿಗೆ ಪತ್ರ, ದೂರುಗಳು, ಕುಂದು
ಕೊರತೆಗಳ ಬಗ್ಗೆ ಬರೆದು ಕಳುಹಿಸಿ
ವಾಟ್ಸ್ ಆಪ್ ನಂ
94484 41484
99802 81752
ಇ-ಮೇಲ್: hospettimes@gmail.com
ಹವಾಮಾನ
ಶನಿ	: ಗರಿಷ್ಠ	: 40°,	ಕನಿಷ್ಠ	: 29°
ಭಾನು	: ಗರಿಷ್ಠ	: 41°,	ಕನಿಷ್ಠ	: 29°
ಹೊಸಪೇಟೆ				
ಶನಿ	: ಗರಿಷ್ಠ	: 40°,	ಕನಿಷ್ಠ	: 32°
ಭಾನು	: ಗರಿಷ್ಠ	: 41°,	ಕನಿಷ್ಠ	: 30°
ಸಾಮಾಜಿಕ ಮತ್ತು ಶೈಕ್ಷಣಿಕ ಸಮೀಕ್ಷೆ ಕುರಿತು ಜಿಲ್ಲಾ ಮಟ್ಟದ ಸಹಾಯವಾಣಿ ಆರಂಭ.

ವಿಜಯನಗರ (ಹೊಸಪೇಟೆ): ಹಿಂದುಳಿದ ವರ್ಗಗಳ ಆಯೋಗ ಇದೇ ಸೆ.7 ರವರೆಗೆ ನಡೆಯುತ್ತಿರುವ ಸಾಮಾಜಿಕ ಮತ್ತು ಶೈಕ್ಷಣಿಕ ಸಮೀಕ್ಷೆ 2025 ರ ಸಂಬಂಧಿಸಿದಂತೆ ಸಾರ್ವಜನಿಕರು ಹಾಗೂ ಗಣತಿದಾರರು ಕೋರುವ ಮಾಹಿತಿಯನ್ನು ಒದಗಿಸಲು ಜಿಲ್ಲಾಧಿಕಾರಿಗಳ ಕಚೇರಿಯಲ್ಲಿ ಸಹಾಯವಾಣಿ ತೆರೆಯಲಾಗಿದ್ದು, ಬೆ.10 ಗಂಟೆಯಿಂದ ಸಂಜೆ 7 ಗಂಟೆಯವರೆಗೆ ಕಾರ್ಯನಿರ್ವಹಿಸುತ್ತದೆ. ಟೋಲ್ ಫ್ರೀ ಸಂಖ್ಯೆ 1077 ಮತ್ತು 9141857081 ಸಂಖ್ಯೆಗಳಿಗೆ ಕರೆ ಮಾಡಬಹುದು. ನೇರವಾಗಿ ಜಿಲ್ಲಾಧಿಕಾರಿಗಳ ಕಚೇರಿ, ಹೊಸಪೇಟೆ ಇಲ್ಲಿಗೆ ಸಂಪರ್ಕಿಸಬಹುದು ಎಂದು ಜಿಲ್ಲಾಧಿಕಾರಿ ಕವಿತಾ.ಎಸ್.ಮನ್ನಿಕೇರಿ ತಿಳಿಸಿದ್ದಾರೆ.
